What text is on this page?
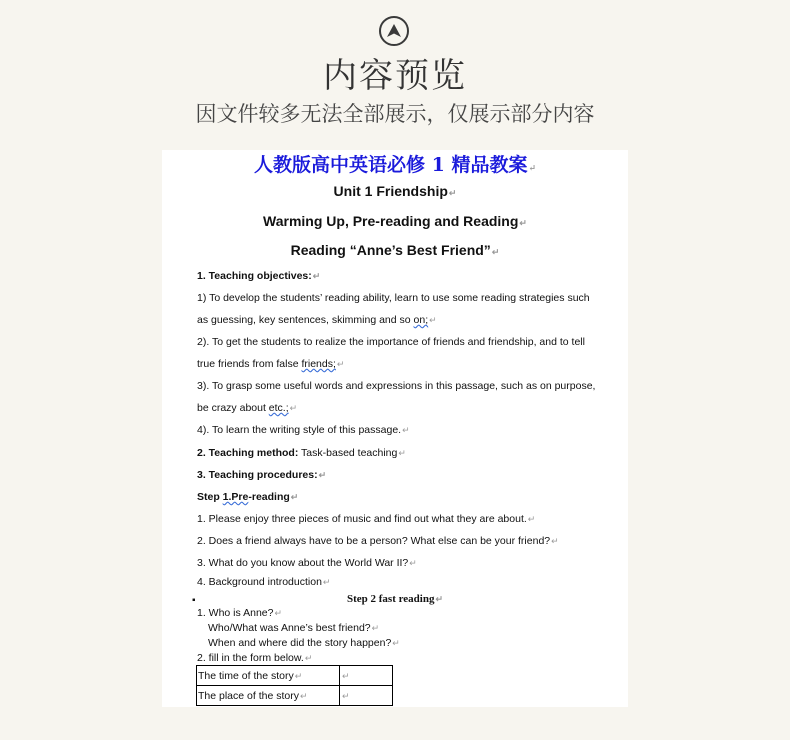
内容预览
因文件较多无法全部展示，仅展示部分内容
人教版高中英语必修 1 精品教案↵
Unit 1 Friendship↵
Warming Up, Pre-reading and Reading↵
Reading “Anne’s Best Friend”↵
1. Teaching objectives:↵
1) To develop the students’ reading ability, learn to use some reading strategies such
as guessing, key sentences, skimming and so on;↵
2). To get the students to realize the importance of friends and friendship, and to tell
true friends from false friends;↵
3). To grasp some useful words and expressions in this passage, such as on purpose,
be crazy about etc.;↵
4). To learn the writing style of this passage.↵
2. Teaching method: Task-based teaching↵
3. Teaching procedures:↵
Step 1.Pre-reading↵
1. Please enjoy three pieces of music and find out what they are about.↵
2. Does a friend always have to be a person? What else can be your friend?↵
3. What do you know about the World War II?↵
4. Background introduction↵
▪	Step 2 fast reading↵
1. Who is Anne?↵
Who/What was Anne’s best friend?↵
When and where did the story happen?↵
2. fill in the form below.↵
The time of the story↵	↵
The place of the story↵	↵
